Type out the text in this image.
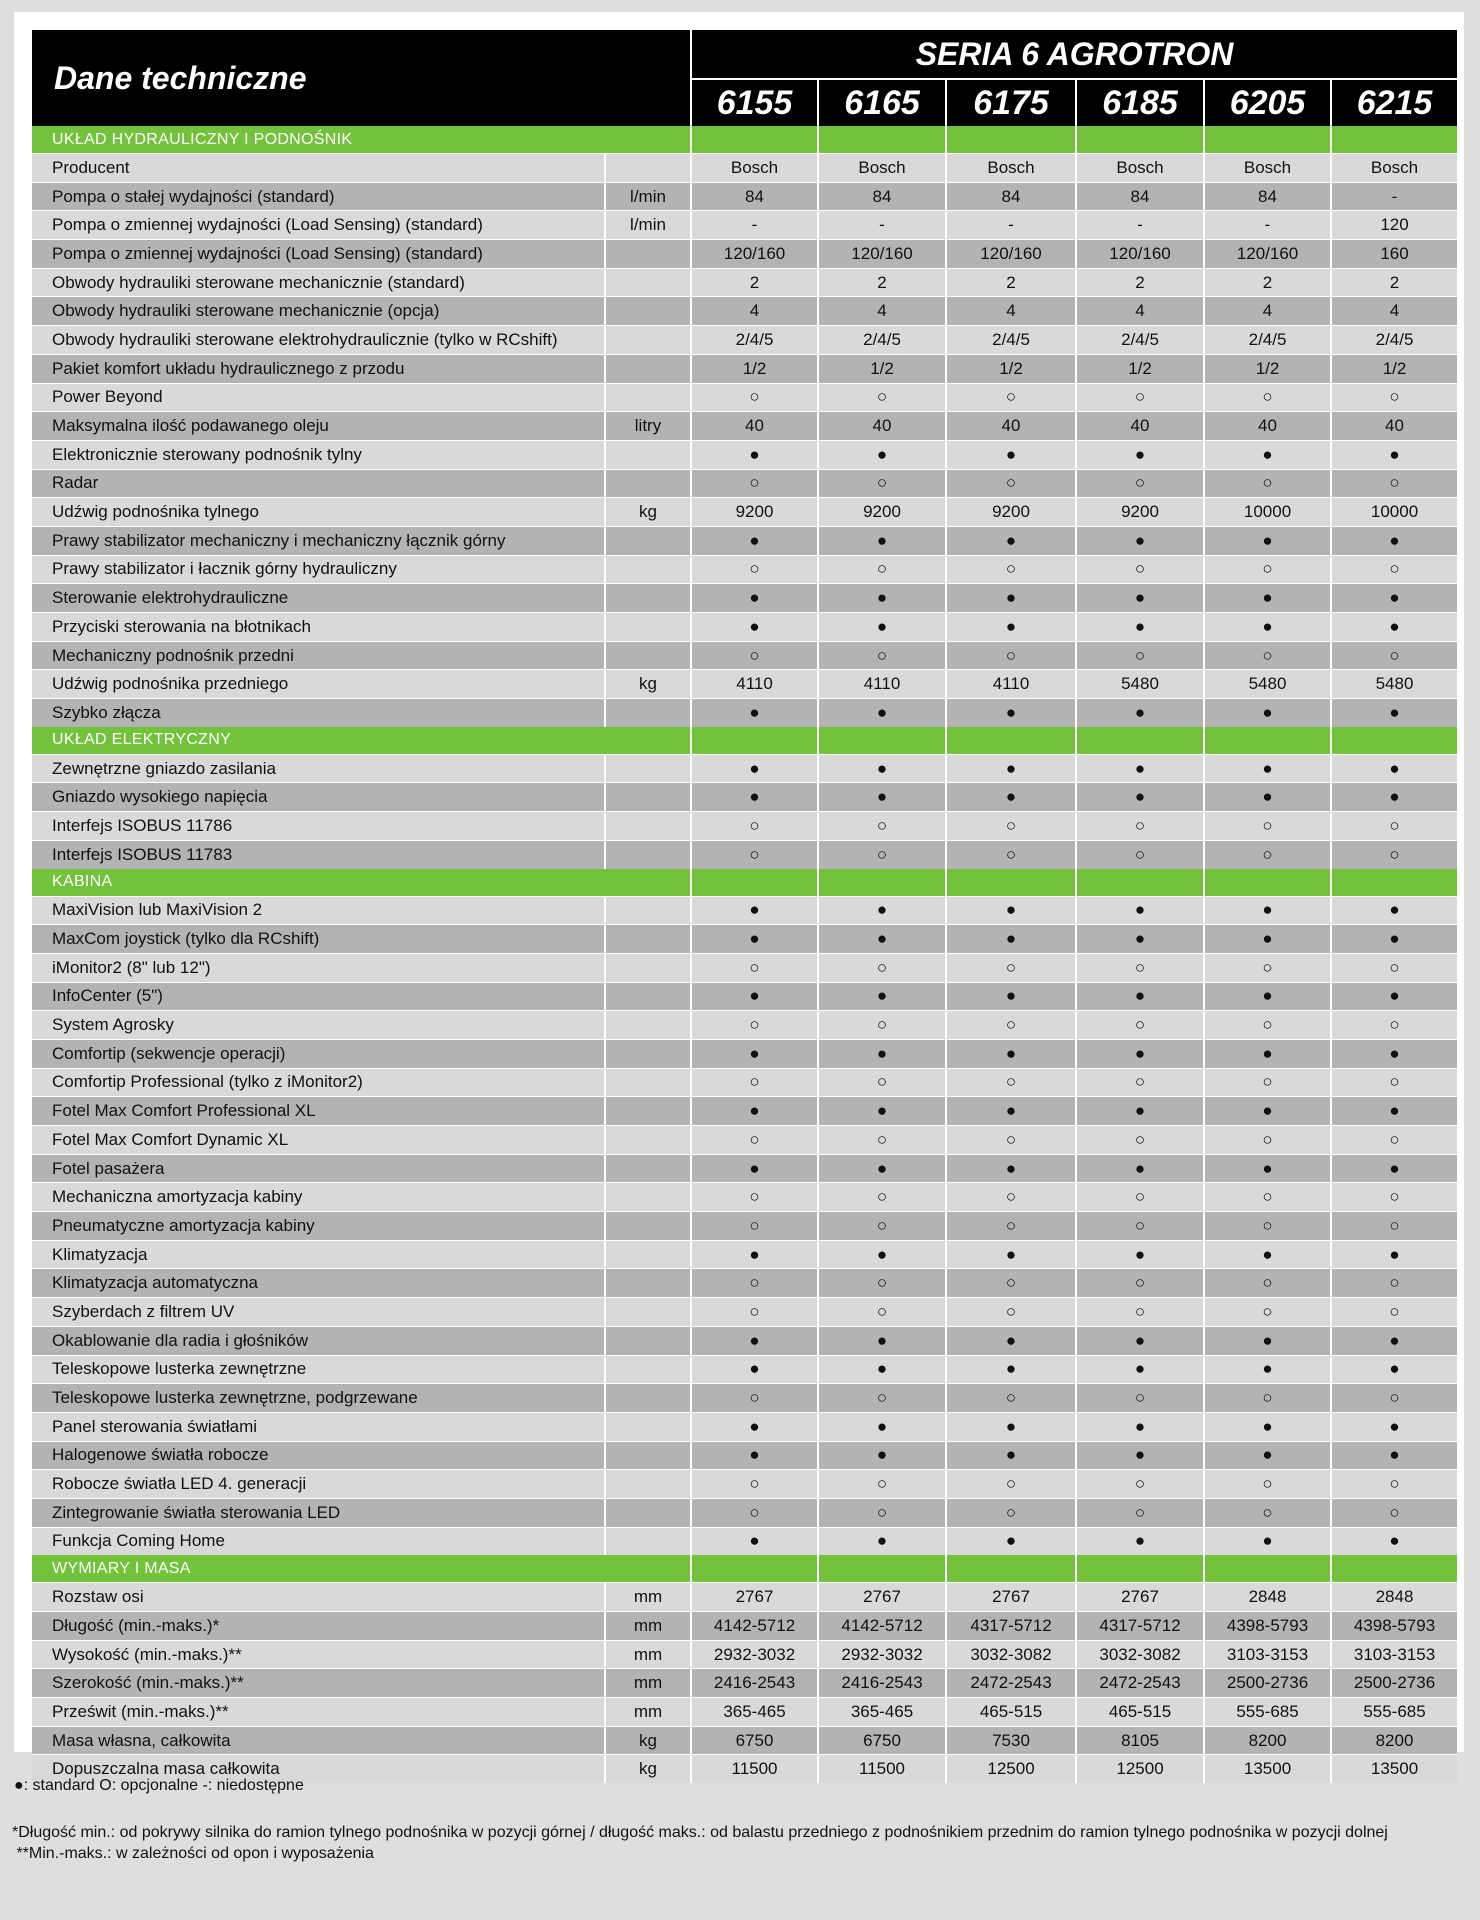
Dane techniczne		SERIA 6 AGROTRON					
		6155	6165	6175	6185	6205	6215
UKŁAD HYDRAULICZNY I PODNOŚNIK							
Producent		Bosch	Bosch	Bosch	Bosch	Bosch	Bosch
Pompa o stałej wydajności (standard)	l/min	84	84	84	84	84	-
Pompa o zmiennej wydajności (Load Sensing) (standard)	l/min	-	-	-	-	-	120
Pompa o zmiennej wydajności (Load Sensing) (standard)		120/160	120/160	120/160	120/160	120/160	160
Obwody hydrauliki sterowane mechanicznie (standard)		2	2	2	2	2	2
Obwody hydrauliki sterowane mechanicznie (opcja)		4	4	4	4	4	4
Obwody hydrauliki sterowane elektrohydraulicznie (tylko w RCshift)		2/4/5	2/4/5	2/4/5	2/4/5	2/4/5	2/4/5
Pakiet komfort układu hydraulicznego z przodu		1/2	1/2	1/2	1/2	1/2	1/2
Power Beyond		○	○	○	○	○	○
Maksymalna ilość podawanego oleju	litry	40	40	40	40	40	40
Elektronicznie sterowany podnośnik tylny		●	●	●	●	●	●
Radar		○	○	○	○	○	○
Udźwig podnośnika tylnego	kg	9200	9200	9200	9200	10000	10000
Prawy stabilizator mechaniczny i mechaniczny łącznik górny		●	●	●	●	●	●
Prawy stabilizator i łacznik górny hydrauliczny		○	○	○	○	○	○
Sterowanie elektrohydrauliczne		●	●	●	●	●	●
Przyciski sterowania na błotnikach		●	●	●	●	●	●
Mechaniczny podnośnik przedni		○	○	○	○	○	○
Udźwig podnośnika przedniego	kg	4110	4110	4110	5480	5480	5480
Szybko złącza		●	●	●	●	●	●
UKŁAD ELEKTRYCZNY							
Zewnętrzne gniazdo zasilania		●	●	●	●	●	●
Gniazdo wysokiego napięcia		●	●	●	●	●	●
Interfejs ISOBUS 11786		○	○	○	○	○	○
Interfejs ISOBUS 11783		○	○	○	○	○	○
KABINA							
MaxiVision lub MaxiVision 2		●	●	●	●	●	●
MaxCom joystick (tylko dla RCshift)		●	●	●	●	●	●
iMonitor2 (8" lub 12")		○	○	○	○	○	○
InfoCenter (5")		●	●	●	●	●	●
System Agrosky		○	○	○	○	○	○
Comfortip (sekwencje operacji)		●	●	●	●	●	●
Comfortip Professional (tylko z iMonitor2)		○	○	○	○	○	○
Fotel Max Comfort Professional XL		●	●	●	●	●	●
Fotel Max Comfort Dynamic XL		○	○	○	○	○	○
Fotel pasażera		●	●	●	●	●	●
Mechaniczna amortyzacja kabiny		○	○	○	○	○	○
Pneumatyczne amortyzacja kabiny		○	○	○	○	○	○
Klimatyzacja		●	●	●	●	●	●
Klimatyzacja automatyczna		○	○	○	○	○	○
Szyberdach z filtrem UV		○	○	○	○	○	○
Okablowanie dla radia i głośników		●	●	●	●	●	●
Teleskopowe lusterka zewnętrzne		●	●	●	●	●	●
Teleskopowe lusterka zewnętrzne, podgrzewane		○	○	○	○	○	○
Panel sterowania światłami		●	●	●	●	●	●
Halogenowe światła robocze		●	●	●	●	●	●
Robocze światła LED 4. generacji		○	○	○	○	○	○
Zintegrowanie światła sterowania LED		○	○	○	○	○	○
Funkcja Coming Home		●	●	●	●	●	●
WYMIARY I MASA							
Rozstaw osi	mm	2767	2767	2767	2767	2848	2848
Długość (min.-maks.)*	mm	4142-5712	4142-5712	4317-5712	4317-5712	4398-5793	4398-5793
Wysokość (min.-maks.)**	mm	2932-3032	2932-3032	3032-3082	3032-3082	3103-3153	3103-3153
Szerokość (min.-maks.)**	mm	2416-2543	2416-2543	2472-2543	2472-2543	2500-2736	2500-2736
Prześwit (min.-maks.)**	mm	365-465	365-465	465-515	465-515	555-685	555-685
Masa własna, całkowita	kg	6750	6750	7530	8105	8200	8200
Dopuszczalna masa całkowita	kg	11500	11500	12500	12500	13500	13500
●: standard O: opcjonalne -: niedostępne

*Długość min.: od pokrywy silnika do ramion tylnego podnośnika w pozycji górnej / długość maks.: od balastu przedniego z podnośnikiem przednim do ramion tylnego podnośnika w pozycji dolnej

**Min.-maks.: w zależności od opon i wyposażenia
